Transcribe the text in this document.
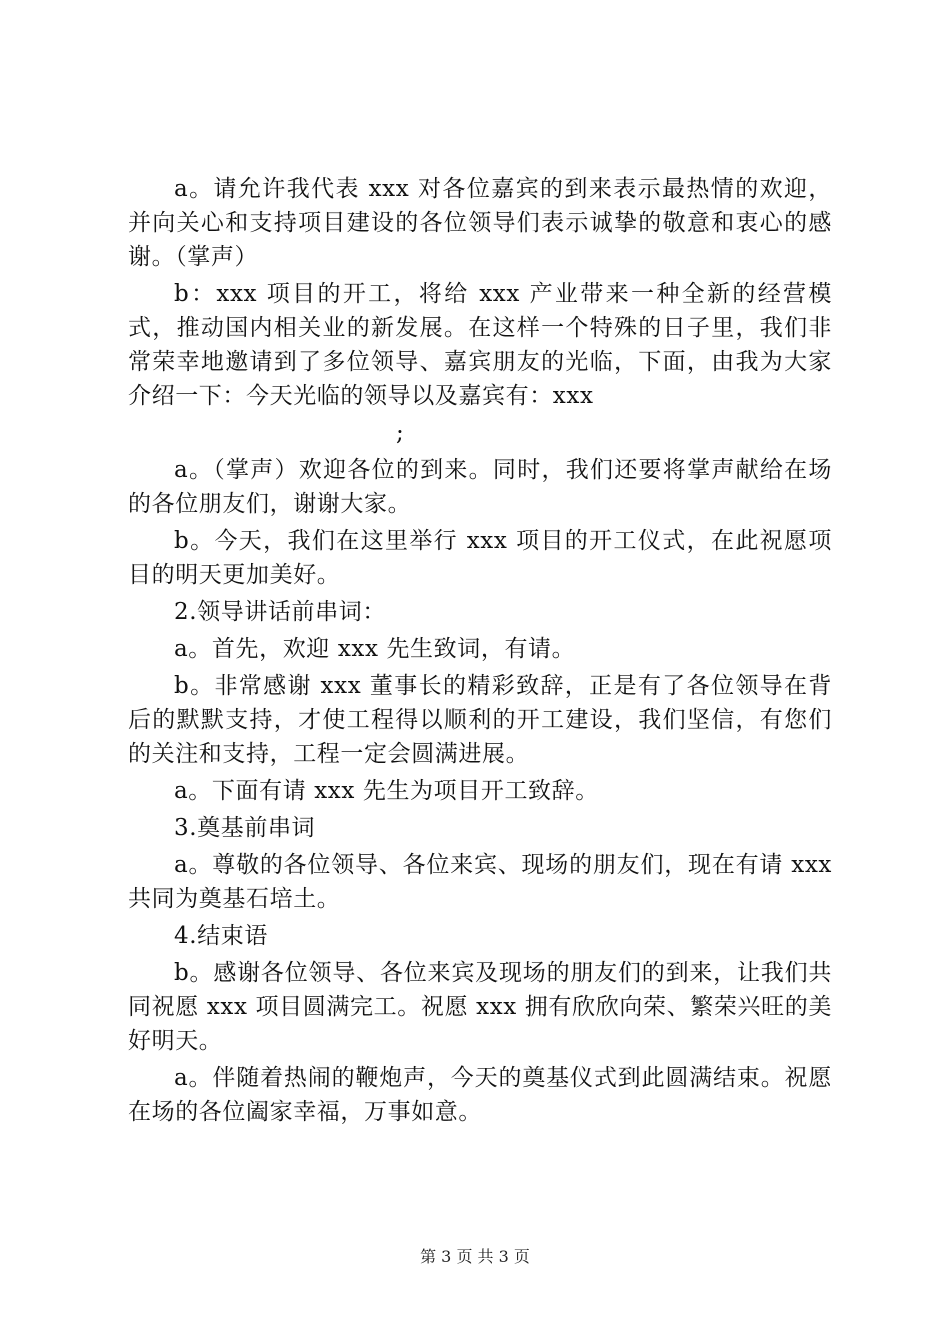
a。请允许我代表 xxx 对各位嘉宾的到来表示最热情的欢迎，并向关心和支持项目建设的各位领导们表示诚挚的敬意和衷心的感谢。（掌声）

b：xxx 项目的开工，将给 xxx 产业带来一种全新的经营模式，推动国内相关业的新发展。在这样一个特殊的日子里，我们非常荣幸地邀请到了多位领导、嘉宾朋友的光临，下面，由我为大家介绍一下：今天光临的领导以及嘉宾有：xxx

;

a。（掌声）欢迎各位的到来。同时，我们还要将掌声献给在场的各位朋友们，谢谢大家。

b。今天，我们在这里举行 xxx 项目的开工仪式，在此祝愿项目的明天更加美好。

2.领导讲话前串词：

a。首先，欢迎 xxx 先生致词，有请。

b。非常感谢 xxx 董事长的精彩致辞，正是有了各位领导在背后的默默支持，才使工程得以顺利的开工建设，我们坚信，有您们的关注和支持，工程一定会圆满进展。

a。下面有请 xxx 先生为项目开工致辞。

3.奠基前串词

a。尊敬的各位领导、各位来宾、现场的朋友们，现在有请 xxx 共同为奠基石培土。

4.结束语

b。感谢各位领导、各位来宾及现场的朋友们的到来，让我们共同祝愿 xxx 项目圆满完工。祝愿 xxx 拥有欣欣向荣、繁荣兴旺的美好明天。

a。伴随着热闹的鞭炮声，今天的奠基仪式到此圆满结束。祝愿在场的各位阖家幸福，万事如意。

第 3 页 共 3 页
